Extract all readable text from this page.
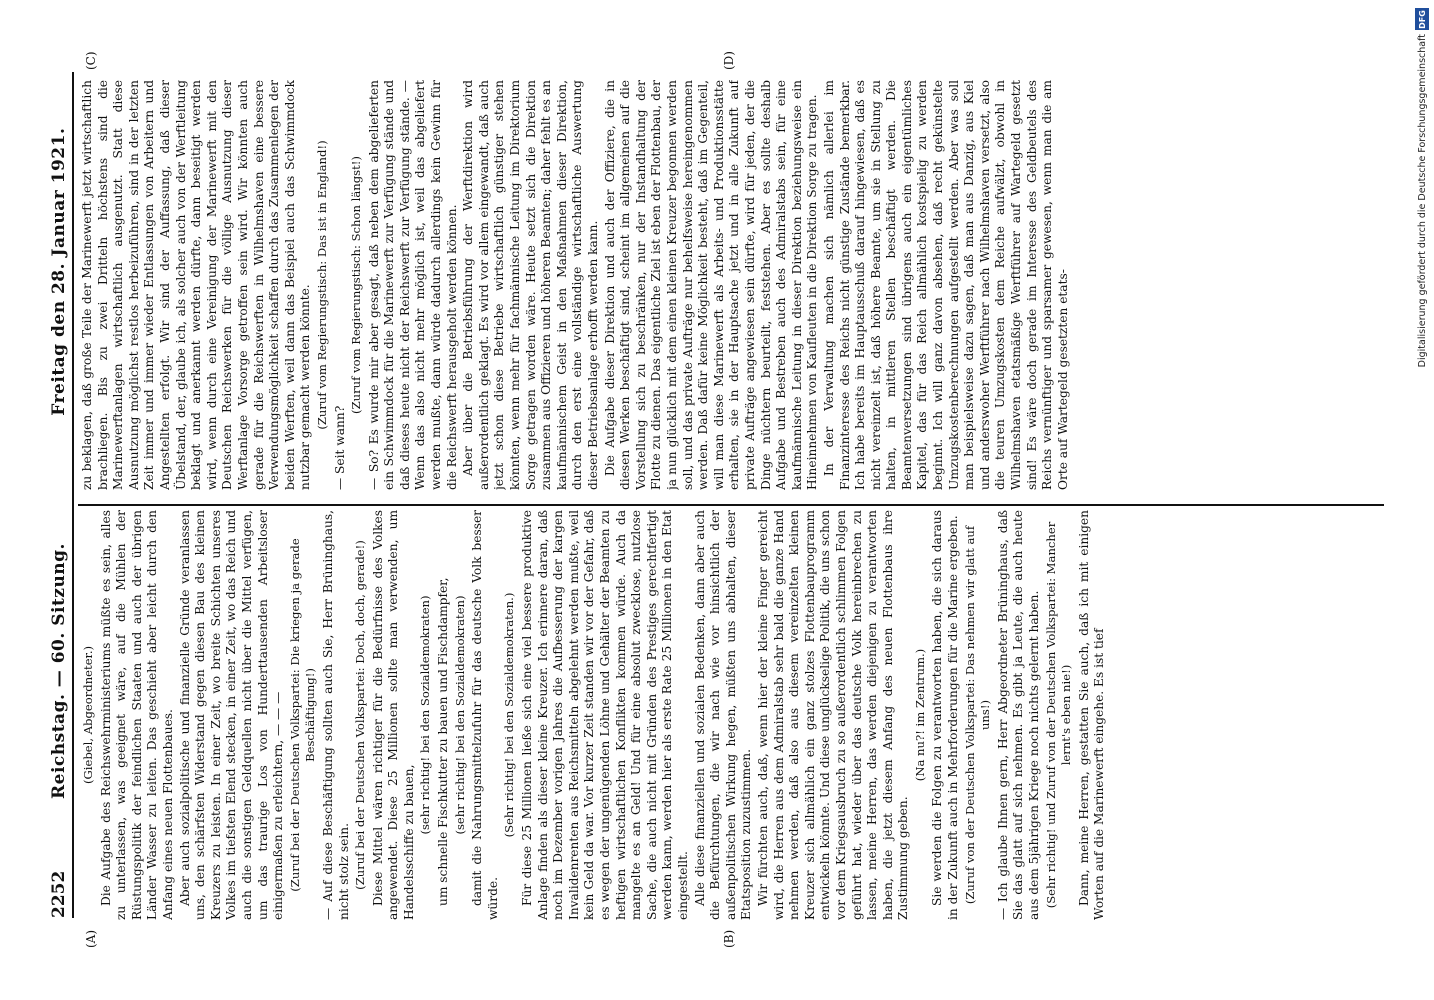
2252
Reichstag. — 60. Sitzung.
Freitag den 28. Januar 1921.
(A)	(B)
(C)	(D)

(Giebel, Abgeordneter.) Die Aufgabe des Reichswehrministeriums müßte es sein, alles zu unterlassen, was geeignet wäre, auf die Mühlen der Rüstungspolitik der feindlichen Staaten und auch der übrigen Länder Wasser zu leiten. Das geschieht aber leicht durch den Anfang eines neuen Flottenbaues. Aber auch sozialpolitische und finanzielle Gründe veranlassen uns, den schärfsten Widerstand gegen diesen Bau des kleinen Kreuzers zu leisten. In einer Zeit, wo breite Schichten unseres Volkes im tiefsten Elend stecken, in einer Zeit, wo das Reich und auch die sonstigen Geldquellen nicht über die Mittel verfügen, um das traurige Los von Hunderttausenden Arbeitsloser einigermaßen zu erleichtern, — — — (Zuruf bei der Deutschen Volkspartei: Die kriegen ja gerade Beschäftigung!) — Auf diese Beschäftigung sollten auch Sie, Herr Brüninghaus, nicht stolz sein. (Zuruf bei der Deutschen Volkspartei: Doch, doch, gerade!) Diese Mittel wären richtiger für die Bedürfnisse des Volkes angewendet. Diese 25 Millionen sollte man verwenden, um Handelsschiffe zu bauen,

(sehr richtig! bei den Sozialdemokraten) um schnelle Fischkutter zu bauen und Fischdampfer, (sehr richtig! bei den Sozialdemokraten) damit die Nahrungsmittelzufuhr für das deutsche Volk besser würde.

(Sehr richtig! bei den Sozialdemokraten.) Für diese 25 Millionen ließe sich eine viel bessere produktive Anlage finden als dieser kleine Kreuzer. Ich erinnere daran, daß noch im Dezember vorigen Jahres die Aufbesserung der kargen Invalidenrenten aus Reichsmitteln abgelehnt werden mußte, weil kein Geld da war. Vor kurzer Zeit standen wir vor der Gefahr, daß es wegen der ungenügenden Löhne und Gehälter der Beamten zu heftigen wirtschaftlichen Konflikten kommen würde. Auch da mangelte es an Geld! Und für eine absolut zwecklose, nutzlose Sache, die auch nicht mit Gründen des Prestiges gerechtfertigt werden kann, werden hier als erste Rate 25 Millionen in den Etat eingestellt. Alle diese finanziellen und sozialen Bedenken, dann aber auch die Befürchtungen, die wir nach wie vor hinsichtlich der außenpolitischen Wirkung hegen, müßten uns abhalten, dieser Etatsposition zuzustimmen. Wir fürchten auch, daß, wenn hier der kleine Finger gereicht wird, die Herren aus dem Admiralstab sehr bald die ganze Hand nehmen werden, daß also aus diesem vereinzelten kleinen Kreuzer sich allmählich ein ganz stolzes Flottenbauprogramm entwickeln könnte. Und diese unglückselige Politik, die uns schon vor dem Kriegsausbruch zu so außerordentlich schlimmen Folgen geführt hat, wieder über das deutsche Volk hereinbrechen zu lassen, meine Herren, das werden diejenigen zu verantworten haben, die jetzt diesem Anfang des neuen Flottenbaus ihre Zustimmung geben.

(Na nu?! im Zentrum.) Sie werden die Folgen zu verantworten haben, die sich daraus in der Zukunft auch in Mehrforderungen für die Marine ergeben. (Zuruf von der Deutschen Volkspartei: Das nehmen wir glatt auf uns!) — Ich glaube Ihnen gern, Herr Abgeordneter Brüninghaus, daß Sie das glatt auf sich nehmen. Es gibt ja Leute, die auch heute aus dem 5jährigen Kriege noch nichts gelernt haben. (Sehr richtig! und Zuruf von der Deutschen Volkspartei: Mancher lernt's eben nie!) Dann, meine Herren, gestatten Sie auch, daß ich mit einigen Worten auf die Marinewerft eingehe. Es ist tief

zu beklagen, daß große Teile der Marinewerft jetzt wirtschaftlich brachliegen. Bis zu zwei Dritteln höchstens sind die Marinewerftanlagen wirtschaftlich ausgenutzt. Statt diese Ausnutzung möglichst restlos herbeizuführen, sind in der letzten Zeit immer und immer wieder Entlassungen von Arbeitern und Angestellten erfolgt. Wir sind der Auffassung, daß dieser Übelstand, der, glaube ich, als solcher auch von der Werftleitung beklagt und anerkannt werden dürfte, dann beseitigt werden wird, wenn durch eine Vereinigung der Marinewerft mit den Deutschen Reichswerken für die völlige Ausnutzung dieser Werftanlage Vorsorge getroffen sein wird. Wir könnten auch gerade für die Reichswerften in Wilhelmshaven eine bessere Verwendungsmöglichkeit schaffen durch das Zusammenlegen der beiden Werften, weil dann das Beispiel auch das Schwimmdock nutzbar gemacht werden könnte. (Zuruf vom Regierungstisch: Das ist in England!)

— Seit wann?

(Zuruf vom Regierungstisch: Schon längst!) — So? Es wurde mir aber gesagt, daß neben dem abgelieferten ein Schwimmdock für die Marinewerft zur Verfügung stände und daß dieses heute nicht der Reichswerft zur Verfügung stände. — Wenn das also nicht mehr möglich ist, weil das abgeliefert werden mußte, dann würde dadurch allerdings kein Gewinn für die Reichswerft herausgeholt werden können. Aber über die Betriebsführung der Werftdirektion wird außerordentlich geklagt. Es wird vor allem eingewandt, daß auch jetzt schon diese Betriebe wirtschaftlich günstiger stehen könnten, wenn mehr für fachmännische Leitung im Direktorium Sorge getragen worden wäre. Heute setzt sich die Direktion zusammen aus Offizieren und höheren Beamten; daher fehlt es an kaufmännischem Geist in den Maßnahmen dieser Direktion, durch den erst eine vollständige wirtschaftliche Auswertung dieser Betriebsanlage erhofft werden kann. Die Aufgabe dieser Direktion und auch der Offiziere, die in diesen Werken beschäftigt sind, scheint im allgemeinen auf die Vorstellung sich zu beschränken, nur der Instandhaltung der Flotte zu dienen. Das eigentliche Ziel ist eben der Flottenbau, der ja nun glücklich mit dem einen kleinen Kreuzer begonnen werden soll, und das private Aufträge nur behelfsweise hereingenommen werden. Daß dafür keine Möglichkeit besteht, daß im Gegenteil, will man diese Marinewerft als Arbeits- und Produktionsstätte erhalten, sie in der Hauptsache jetzt und in alle Zukunft auf private Aufträge angewiesen sein dürfte, wird für jeden, der die Dinge nüchtern beurteilt, feststehen. Aber es sollte deshalb Aufgabe und Bestreben auch des Admiralstabs sein, für eine kaufmännische Leitung in dieser Direktion beziehungsweise ein Hineinnehmen von Kaufleuten in die Direktion Sorge zu tragen. In der Verwaltung machen sich nämlich allerlei im Finanzinteresse des Reichs nicht günstige Zustände bemerkbar. Ich habe bereits im Hauptausschuß darauf hingewiesen, daß es nicht vereinzelt ist, daß höhere Beamte, um sie in Stellung zu halten, in mittleren Stellen beschäftigt werden. Die Beamtenversetzungen sind übrigens auch ein eigentümliches Kapitel, das für das Reich allmählich kostspielig zu werden beginnt. Ich will ganz davon absehen, daß recht gekünstelte Umzugskostenberechnungen aufgestellt werden. Aber was soll man beispielsweise dazu sagen, daß man aus Danzig, aus Kiel und anderswoher Werftführer nach Wilhelmshaven versetzt, also die teuren Umzugskosten dem Reiche aufwälzt, obwohl in Wilhelmshaven etatsmäßige Werftführer auf Wartegeld gesetzt sind! Es wäre doch gerade im Interesse des Geldbeutels des Reichs vernünftiger und sparsamer gewesen, wenn man die am Orte auf Wartegeld gesetzten etats-

DFG
Digitalisierung gefördert durch die Deutsche Forschungsgemeinschaft
